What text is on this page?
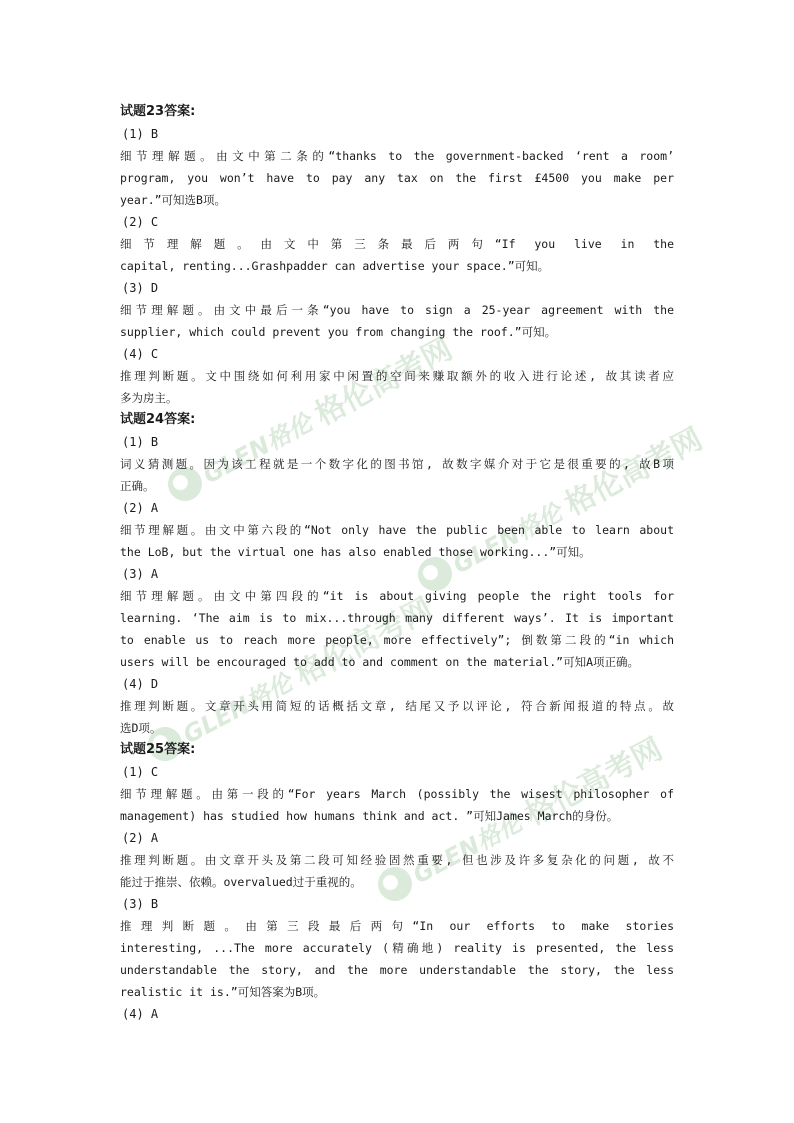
GLEN格伦
格伦高考网
GLEN格伦
格伦高考网
GLEN格伦
格伦高考网
GLEN格伦
格伦高考网
试题23答案:
(1) B
细节理解题。由文中第二条的“thanks to the government-backed ‘rent a room’
program, you won’t have to pay any tax on the first £4500 you make per
year.”可知选B项。
(2) C
细节理解题。由文中第三条最后两句“If you live in the
capital, renting...Grashpadder can advertise your space.”可知。
(3) D
细节理解题。由文中最后一条“you have to sign a 25-year agreement with the
supplier, which could prevent you from changing the roof.”可知。
(4) C
推理判断题。文中围绕如何利用家中闲置的空间来赚取额外的收入进行论述, 故其读者应
多为房主。
试题24答案:
(1) B
词义猜测题。因为该工程就是一个数字化的图书馆, 故数字媒介对于它是很重要的, 故B项
正确。
(2) A
细节理解题。由文中第六段的“Not only have the public been able to learn about
the LoB, but the virtual one has also enabled those working...”可知。
(3) A
细节理解题。由文中第四段的“it is about giving people the right tools for
learning. ‘The aim is to mix...through many different ways’. It is important
to enable us to reach more people, more effectively”; 倒数第二段的“in which
users will be encouraged to add to and comment on the material.”可知A项正确。
(4) D
推理判断题。文章开头用简短的话概括文章, 结尾又予以评论, 符合新闻报道的特点。故
选D项。
试题25答案:
(1) C
细节理解题。由第一段的“For years March (possibly the wisest philosopher of
management) has studied how humans think and act. ”可知James March的身份。
(2) A
推理判断题。由文章开头及第二段可知经验固然重要, 但也涉及许多复杂化的问题, 故不
能过于推崇、依赖。overvalued过于重视的。
(3) B
推理判断题。由第三段最后两句“In our efforts to make stories
interesting, ...The more accurately (精确地) reality is presented, the less
understandable the story, and the more understandable the story, the less
realistic it is.”可知答案为B项。
(4) A
